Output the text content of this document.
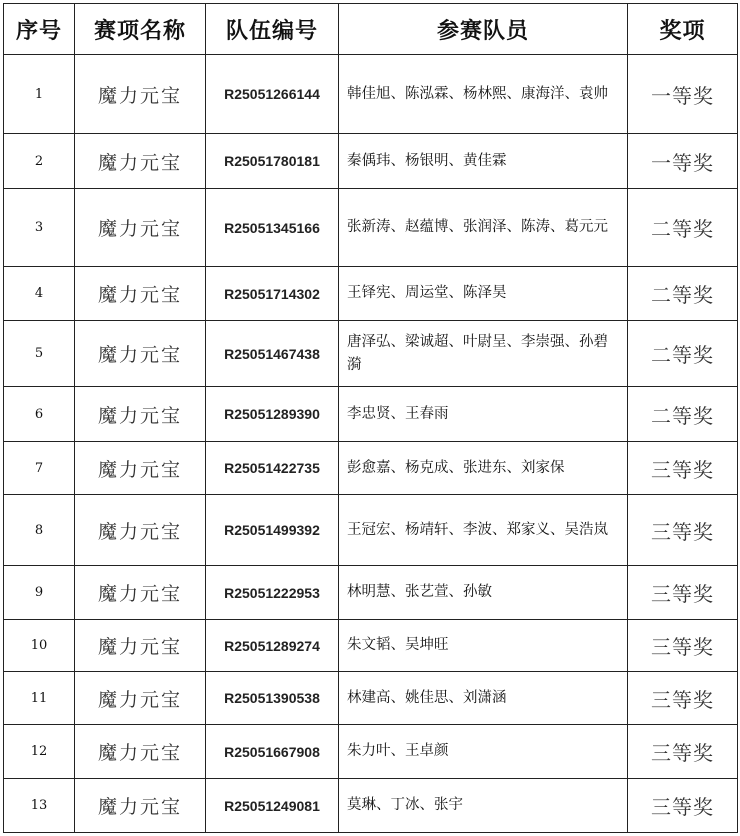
序号	赛项名称	队伍编号	参赛队员	奖项
1	魔力元宝	R25051266144	韩佳旭、陈泓霖、杨林熙、康海洋、袁帅	一等奖
2	魔力元宝	R25051780181	秦偊玮、杨银明、黄佳霖	一等奖
3	魔力元宝	R25051345166	张新涛、赵蕴博、张润泽、陈涛、葛元元	二等奖
4	魔力元宝	R25051714302	王铎宪、周运堂、陈泽昊	二等奖
5	魔力元宝	R25051467438	唐泽弘、梁诚超、叶尉呈、李崇强、孙碧漪	二等奖
6	魔力元宝	R25051289390	李忠贤、王春雨	二等奖
7	魔力元宝	R25051422735	彭愈嘉、杨克成、张进东、刘家保	三等奖
8	魔力元宝	R25051499392	王冠宏、杨靖轩、李波、郑家义、吴浩岚	三等奖
9	魔力元宝	R25051222953	林明慧、张艺萱、孙敏	三等奖
10	魔力元宝	R25051289274	朱文韬、吴坤旺	三等奖
11	魔力元宝	R25051390538	林建高、姚佳思、刘潇涵	三等奖
12	魔力元宝	R25051667908	朱力叶、王卓颜	三等奖
13	魔力元宝	R25051249081	莫琳、丁冰、张宇	三等奖
